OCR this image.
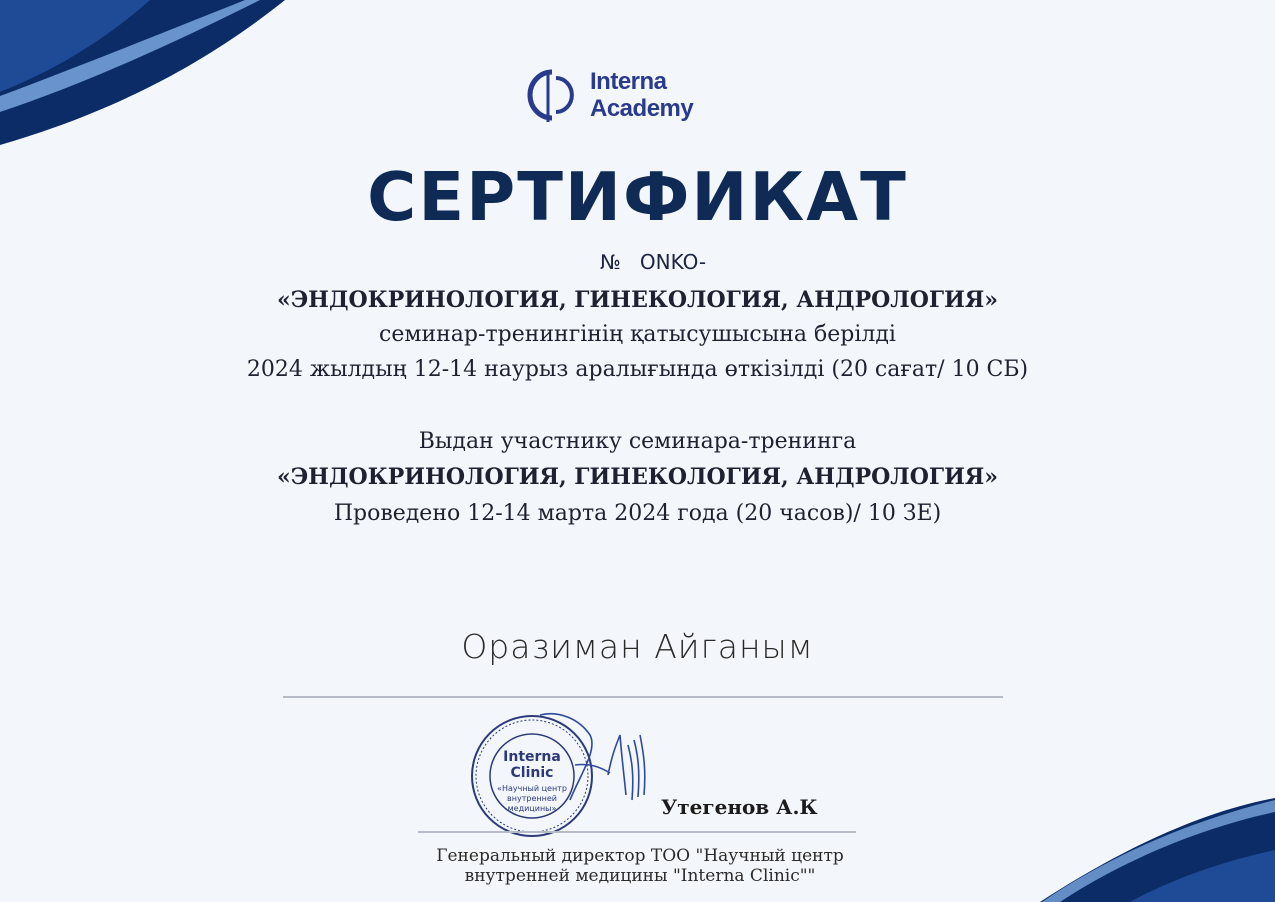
Interna
Academy
СЕРТИФИКАТ
№   ONKO-
«ЭНДОКРИНОЛОГИЯ, ГИНЕКОЛОГИЯ, АНДРОЛОГИЯ»
семинар-тренингінің қатысушысына берілді
2024 жылдың 12-14 наурыз аралығында өткізілді (20 сағат/ 10 СБ)
Выдан участнику семинара-тренинга
«ЭНДОКРИНОЛОГИЯ, ГИНЕКОЛОГИЯ, АНДРОЛОГИЯ»
Проведено 12-14 марта 2024 года (20 часов)/ 10 ЗЕ)
Оразиман Айганым
Interna
Clinic
«Научный центр
внутренней
медицины»	Утегенов А.К
Генеральный директор ТОО "Научный центр
внутренней медицины "Interna Clinic""
